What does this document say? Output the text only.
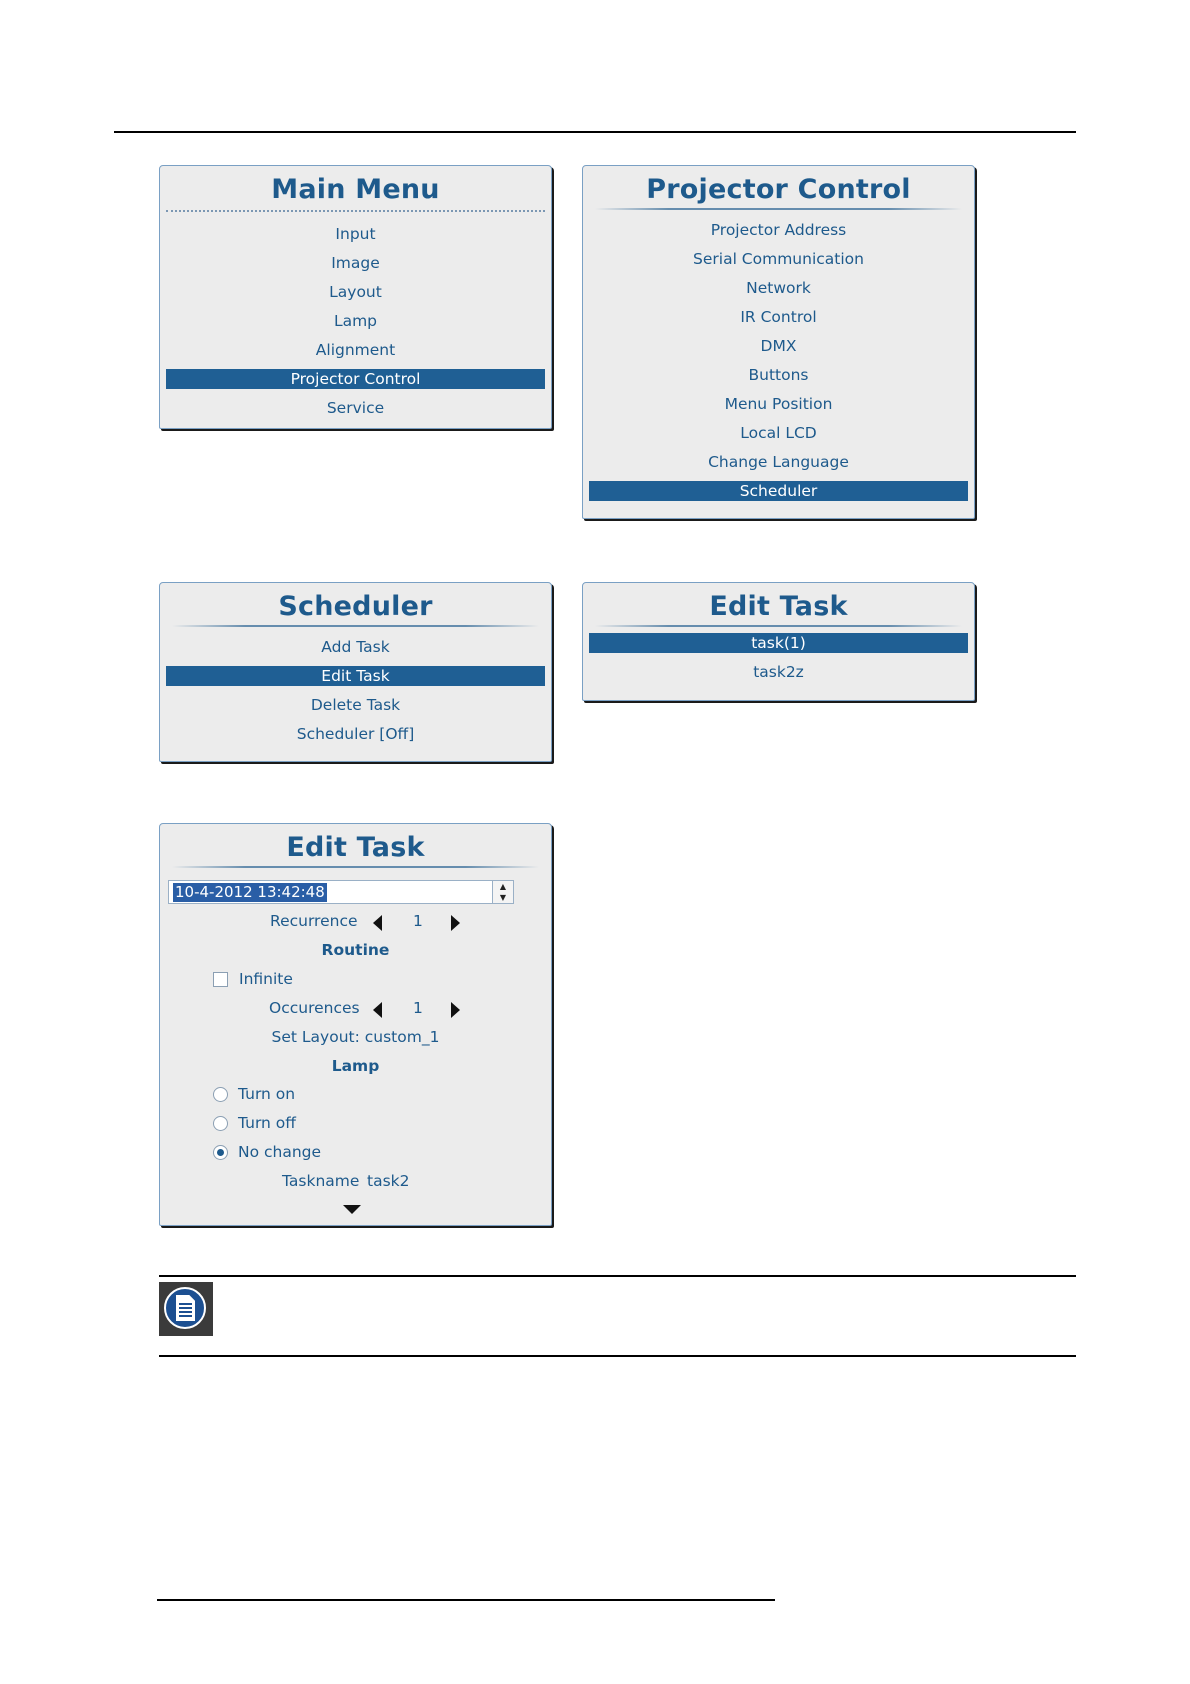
Main Menu
Input
Image
Layout
Lamp
Alignment
Projector Control
Service
Projector Control
Projector Address
Serial Communication
Network
IR Control
DMX
Buttons
Menu Position
Local LCD
Change Language
Scheduler
Scheduler
Add Task
Edit Task
Delete Task
Scheduler [Off]
Edit Task
task(1)
task2z
Edit Task
10-4-2012 13:42:48	▲
▼
Recurrence	1
Routine
Infinite
Occurences	1
Set Layout: custom_1
Lamp
Turn on
Turn off
No change
Taskname task2
